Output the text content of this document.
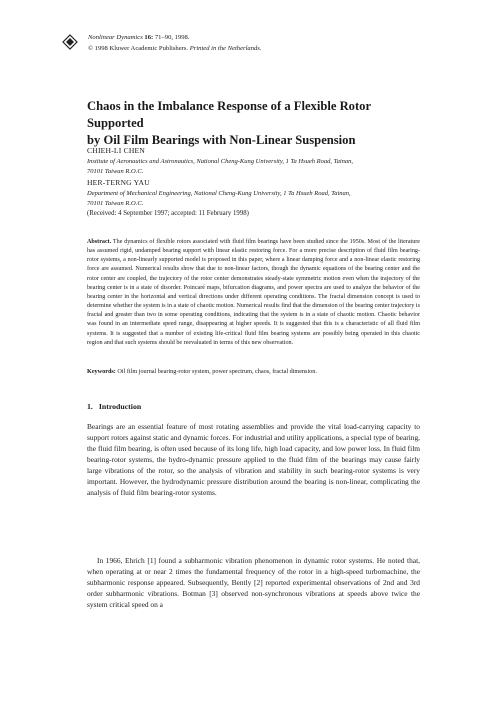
Nonlinear Dynamics 16: 71–90, 1998.
© 1998 Kluwer Academic Publishers. Printed in the Netherlands.
Chaos in the Imbalance Response of a Flexible Rotor Supported
by Oil Film Bearings with Non-Linear Suspension
CHIEH-LI CHEN

Institute of Aeronautics and Astronautics, National Cheng-Kung University, 1 Ta Hsueh Road, Tainan,
70101 Taiwan R.O.C.

HER-TERNG YAU

Department of Mechanical Engineering, National Cheng-Kung University, 1 Ta Hsueh Road, Tainan,
70101 Taiwan R.O.C.

(Received: 4 September 1997; accepted: 11 February 1998)

Abstract. The dynamics of flexible rotors associated with fluid film bearings have been studied since the 1950s. Most of the literature has assumed rigid, undamped bearing support with linear elastic restoring force. For a more precise description of fluid film bearing-rotor systems, a non-linearly supported model is proposed in this paper, where a linear damping force and a non-linear elastic restoring force are assumed. Numerical results show that due to non-linear factors, though the dynamic equations of the bearing center and the rotor center are coupled, the trajectory of the rotor center demonstrates steady-state symmetric motion even when the trajectory of the bearing center is in a state of disorder. Poincaré maps, bifurcation diagrams, and power spectra are used to analyze the behavior of the bearing center in the horizontal and vertical directions under different operating conditions. The fractal dimension concept is used to determine whether the system is in a state of chaotic motion. Numerical results find that the dimension of the bearing center trajectory is fractal and greater than two in some operating conditions, indicating that the system is in a state of chaotic motion. Chaotic behavior was found in an intermediate speed range, disappearing at higher speeds. It is suggested that this is a characteristic of all fluid film systems. It is suggested that a number of existing life-critical fluid film bearing systems are possibly being operated in this chaotic region and that such systems should be reevaluated in terms of this new observation.

Keywords: Oil film journal bearing-rotor system, power spectrum, chaos, fractal dimension.

1. Introduction

Bearings are an essential feature of most rotating assemblies and provide the vital load-carrying capacity to support rotors against static and dynamic forces. For industrial and utility applications, a special type of bearing, the fluid film bearing, is often used because of its long life, high load capacity, and low power loss. In fluid film bearing-rotor systems, the hydro-dynamic pressure applied to the fluid film of the bearings may cause fairly large vibrations of the rotor, so the analysis of vibration and stability in such bearing-rotor systems is very important. However, the hydrodynamic pressure distribution around the bearing is non-linear, complicating the analysis of fluid film bearing-rotor systems.

In 1966, Ehrich [1] found a subharmonic vibration phenomenon in dynamic rotor systems. He noted that, when operating at or near 2 times the fundamental frequency of the rotor in a high-speed turbomachine, the subharmonic response appeared. Subsequently, Bently [2] reported experimental observations of 2nd and 3rd order subharmonic vibrations. Botman [3] observed non-synchronous vibrations at speeds above twice the system critical speed on a
